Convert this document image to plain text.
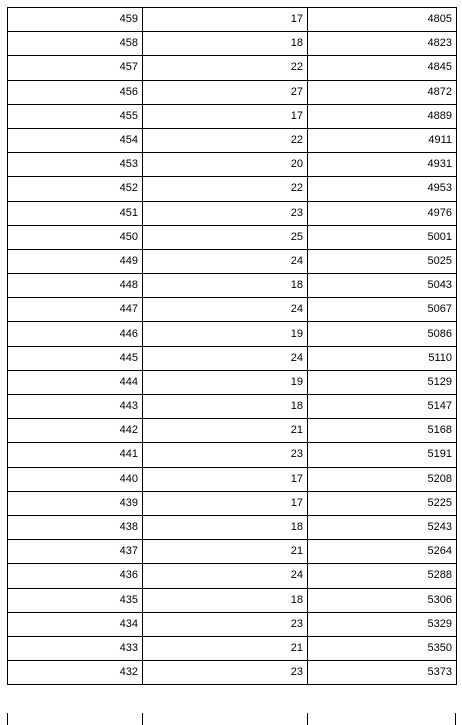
459	17	4805
458	18	4823
457	22	4845
456	27	4872
455	17	4889
454	22	4911
453	20	4931
452	22	4953
451	23	4976
450	25	5001
449	24	5025
448	18	5043
447	24	5067
446	19	5086
445	24	5110
444	19	5129
443	18	5147
442	21	5168
441	23	5191
440	17	5208
439	17	5225
438	18	5243
437	21	5264
436	24	5288
435	18	5306
434	23	5329
433	21	5350
432	23	5373
